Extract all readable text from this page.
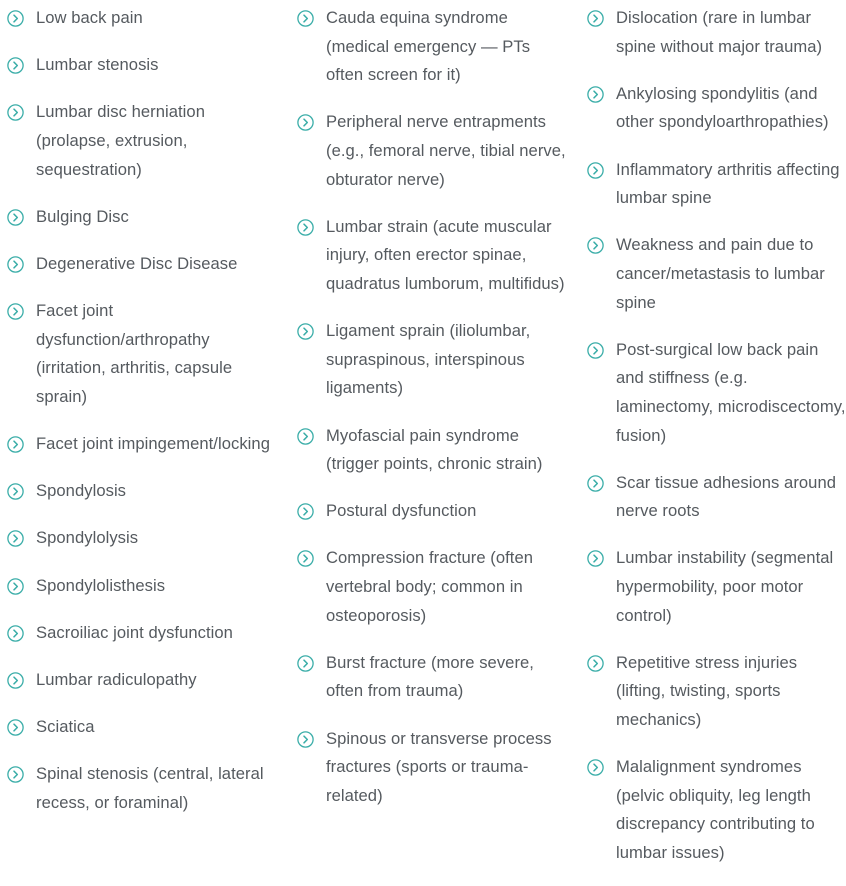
Low back pain
Lumbar stenosis
Lumbar disc herniation (prolapse, extrusion, sequestration)
Bulging Disc
Degenerative Disc Disease
Facet joint dysfunction/arthropathy (irritation, arthritis, capsule sprain)
Facet joint impingement/locking
Spondylosis
Spondylolysis
Spondylolisthesis
Sacroiliac joint dysfunction
Lumbar radiculopathy
Sciatica
Spinal stenosis (central, lateral recess, or foraminal)
Cauda equina syndrome (medical emergency — PTs often screen for it)
Peripheral nerve entrapments (e.g., femoral nerve, tibial nerve, obturator nerve)
Lumbar strain (acute muscular injury, often erector spinae, quadratus lumborum, multifidus)
Ligament sprain (iliolumbar, supraspinous, interspinous ligaments)
Myofascial pain syndrome (trigger points, chronic strain)
Postural dysfunction
Compression fracture (often vertebral body; common in osteoporosis)
Burst fracture (more severe, often from trauma)
Spinous or transverse process fractures (sports or trauma-related)
Dislocation (rare in lumbar spine without major trauma)
Ankylosing spondylitis (and other spondyloarthropathies)
Inflammatory arthritis affecting lumbar spine
Weakness and pain due to cancer/metastasis to lumbar spine
Post-surgical low back pain and stiffness (e.g. laminectomy, microdiscectomy, fusion)
Scar tissue adhesions around nerve roots
Lumbar instability (segmental hypermobility, poor motor control)
Repetitive stress injuries (lifting, twisting, sports mechanics)
Malalignment syndromes (pelvic obliquity, leg length discrepancy contributing to lumbar issues)
